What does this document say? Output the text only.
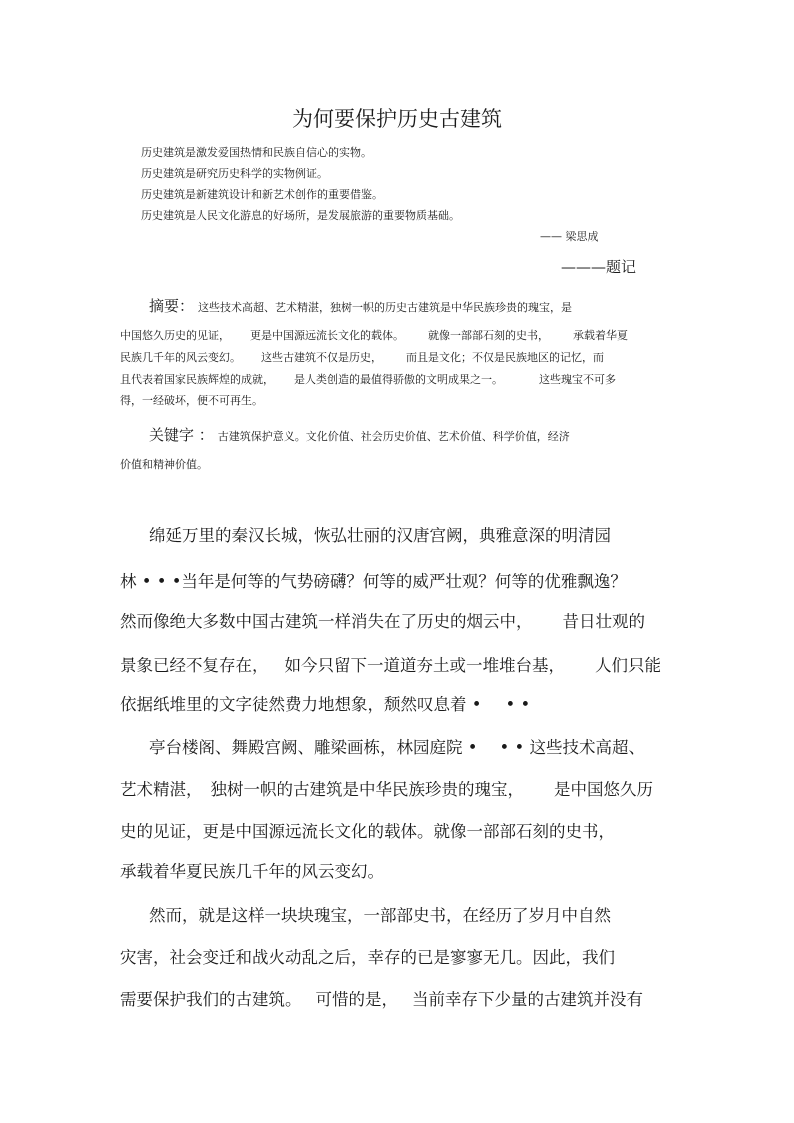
为何要保护历史古建筑
历史建筑是激发爱国热情和民族自信心的实物。
历史建筑是研究历史科学的实物例证。
历史建筑是新建筑设计和新艺术创作的重要借鉴。
历史建筑是人民文化游息的好场所，是发展旅游的重要物质基础。
—— 梁思成
———题记
摘要： 这些技术高超、艺术精湛，独树一帜的历史古建筑是中华民族珍贵的瑰宝，是
中国悠久历史的见证， 更是中国源远流长文化的载体。 就像一部部石刻的史书， 承载着华夏
民族几千年的风云变幻。 这些古建筑不仅是历史， 而且是文化；不仅是民族地区的记忆，而
且代表着国家民族辉煌的成就， 是人类创造的最值得骄傲的文明成果之一。	这些瑰宝不可多
得，一经破坏，便不可再生。
关键字 ： 古建筑保护意义。文化价值、社会历史价值、艺术价值、科学价值，经济
价值和精神价值。
绵延万里的秦汉长城，恢弘壮丽的汉唐宫阙，典雅意深的明清园
林 • • •当年是何等的气势磅礴？何等的威严壮观？何等的优雅飘逸？
然而像绝大多数中国古建筑一样消失在了历史的烟云中， 昔日壮观的
景象已经不复存在， 如今只留下一道道夯土或一堆堆台基， 人们只能
依据纸堆里的文字徒然费力地想象，颓然叹息着 • • •
亭台楼阁、舞殿宫阙、雕梁画栋，林园庭院 • • • 这些技术高超、
艺术精湛， 独树一帜的古建筑是中华民族珍贵的瑰宝， 是中国悠久历
史的见证，更是中国源远流长文化的载体。就像一部部石刻的史书，
承载着华夏民族几千年的风云变幻。
然而，就是这样一块块瑰宝，一部部史书，在经历了岁月中自然
灾害，社会变迁和战火动乱之后，幸存的已是寥寥无几。因此，我们
需要保护我们的古建筑。 可惜的是， 当前幸存下少量的古建筑并没有
